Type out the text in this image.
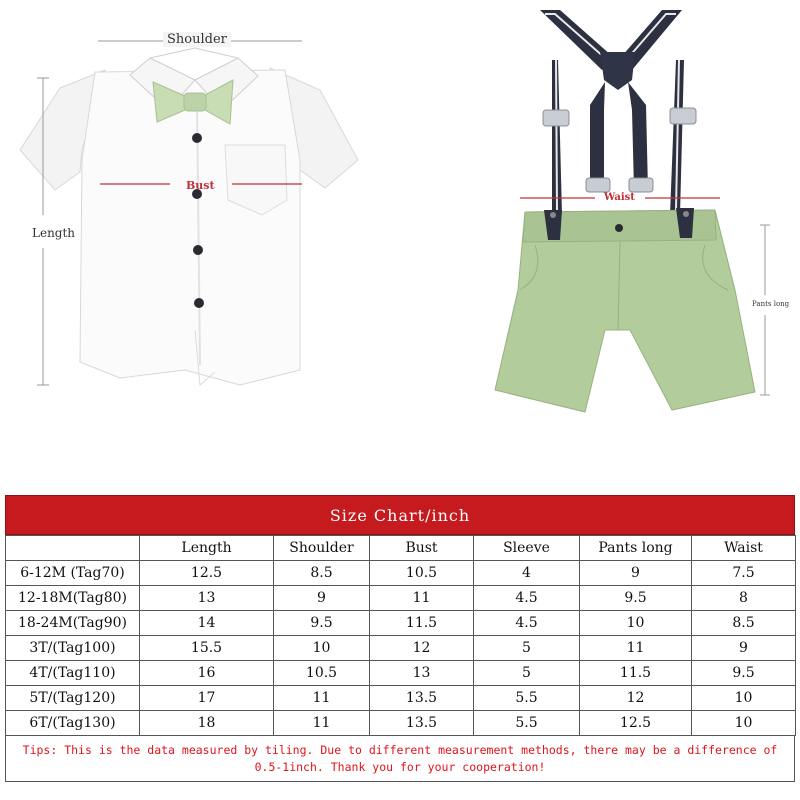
Shoulder
Length
Bust
Waist
Pants long
Size Chart/inch
	Length	Shoulder	Bust	Sleeve	Pants long	Waist
6-12M (Tag70)	12.5	8.5	10.5	4	9	7.5
12-18M(Tag80)	13	9	11	4.5	9.5	8
18-24M(Tag90)	14	9.5	11.5	4.5	10	8.5
3T/(Tag100)	15.5	10	12	5	11	9
4T/(Tag110)	16	10.5	13	5	11.5	9.5
5T/(Tag120)	17	11	13.5	5.5	12	10
6T/(Tag130)	18	11	13.5	5.5	12.5	10
Tips: This is the data measured by tiling. Due to different measurement methods, there may be a difference of 0.5-1inch. Thank you for your cooperation!
